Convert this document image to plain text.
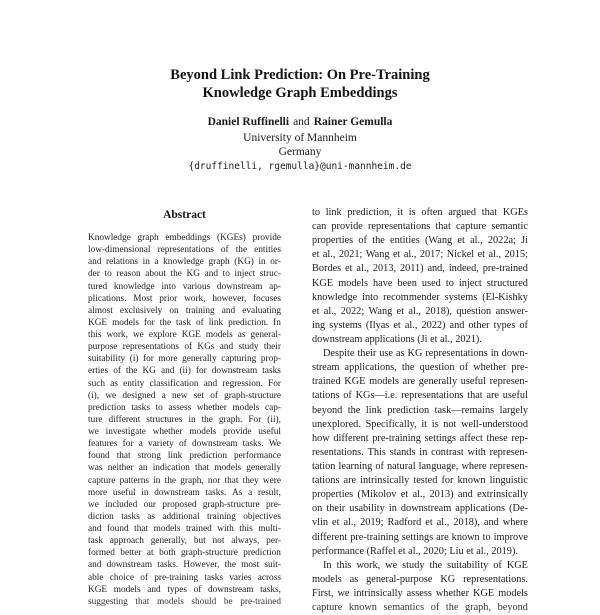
Beyond Link Prediction: On Pre-Training
Knowledge Graph Embeddings
Daniel Ruffinelli and Rainer Gemulla
University of Mannheim
Germany
{druffinelli, rgemulla}@uni-mannheim.de
Abstract
Knowledge graph embeddings (KGEs) provide
low-dimensional representations of the entities
and relations in a knowledge graph (KG) in or-
der to reason about the KG and to inject struc-
tured knowledge into various downstream ap-
plications. Most prior work, however, focuses
almost exclusively on training and evaluating
KGE models for the task of link prediction. In
this work, we explore KGE models as general-
purpose representations of KGs and study their
suitability (i) for more generally capturing prop-
erties of the KG and (ii) for downstream tasks
such as entity classification and regression. For
(i), we designed a new set of graph-structure
prediction tasks to assess whether models cap-
ture different structures in the graph. For (ii),
we investigate whether models provide useful
features for a variety of downstream tasks. We
found that strong link prediction performance
was neither an indication that models generally
capture patterns in the graph, nor that they were
more useful in downstream tasks. As a result,
we included our proposed graph-structure pre-
diction tasks as additional training objectives
and found that models trained with this multi-
task approach generally, but not always, per-
formed better at both graph-structure prediction
and downstream tasks. However, the most suit-
able choice of pre-training tasks varies across
KGE models and types of downstream tasks,
suggesting that models should be pre-trained
to link prediction, it is often argued that KGEs
can provide representations that capture semantic
properties of the entities (Wang et al., 2022a; Ji
et al., 2021; Wang et al., 2017; Nickel et al., 2015;
Bordes et al., 2013, 2011) and, indeed, pre-trained
KGE models have been used to inject structured
knowledge into recommender systems (El-Kishky
et al., 2022; Wang et al., 2018), question answer-
ing systems (Ilyas et al., 2022) and other types of
downstream applications (Ji et al., 2021).
Despite their use as KG representations in down-
stream applications, the question of whether pre-
trained KGE models are generally useful represen-
tations of KGs—i.e. representations that are useful
beyond the link prediction task—remains largely
unexplored. Specifically, it is not well-understood
how different pre-training settings affect these rep-
resentations. This stands in contrast with represen-
tation learning of natural language, where represen-
tations are intrinsically tested for known linguistic
properties (Mikolov et al., 2013) and extrinsically
on their usability in downstream applications (De-
vlin et al., 2019; Radford et al., 2018), and where
different pre-training settings are known to improve
performance (Raffel et al., 2020; Liu et al., 2019).
In this work, we study the suitability of KGE
models as general-purpose KG representations.
First, we intrinsically assess whether KGE models
capture known semantics of the graph, beyond
